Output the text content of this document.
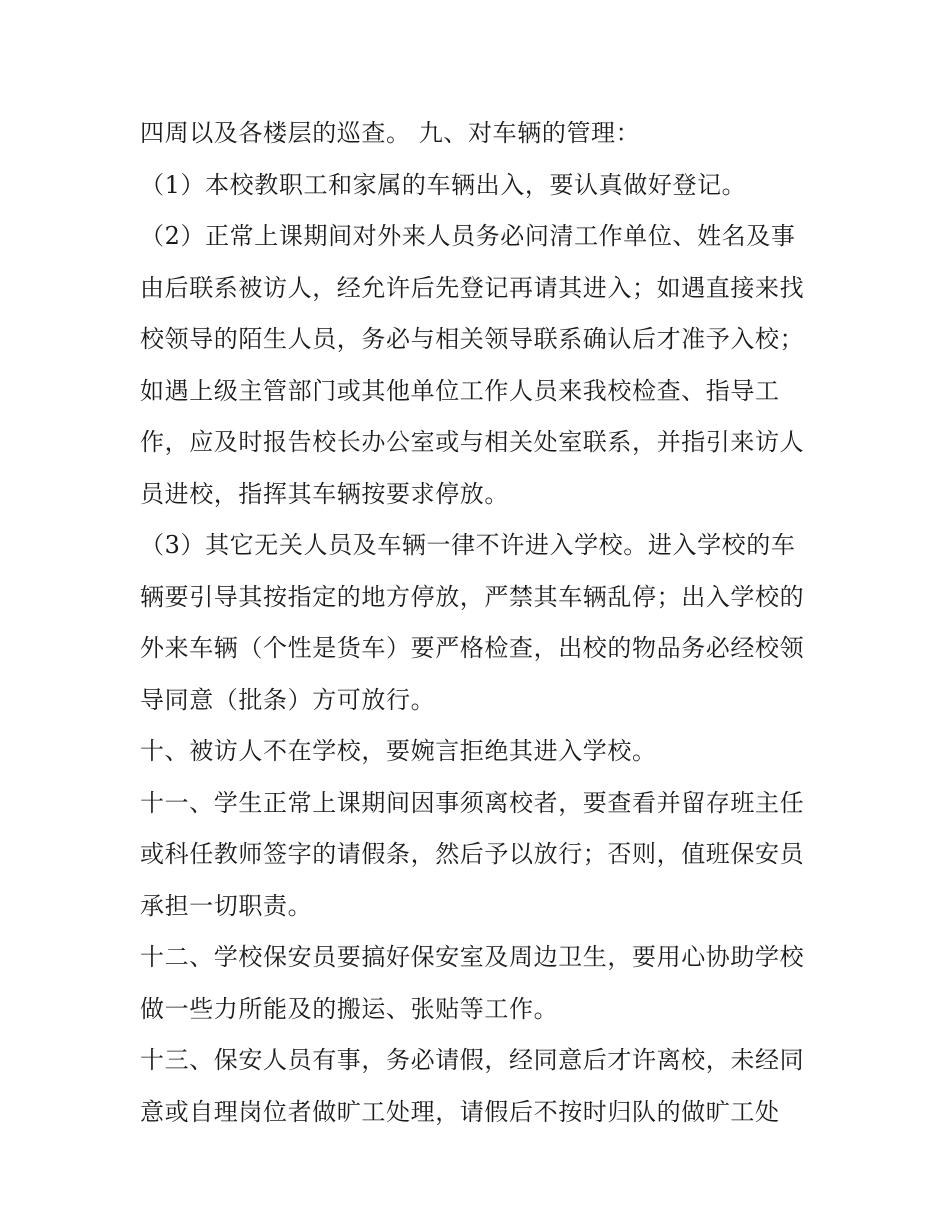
四周以及各楼层的巡查。 九、对车辆的管理：
（1）本校教职工和家属的车辆出入，要认真做好登记。
（2）正常上课期间对外来人员务必问清工作单位、姓名及事
由后联系被访人，经允许后先登记再请其进入；如遇直接来找
校领导的陌生人员，务必与相关领导联系确认后才准予入校；
如遇上级主管部门或其他单位工作人员来我校检查、指导工
作，应及时报告校长办公室或与相关处室联系，并指引来访人
员进校，指挥其车辆按要求停放。
（3）其它无关人员及车辆一律不许进入学校。进入学校的车
辆要引导其按指定的地方停放，严禁其车辆乱停；出入学校的
外来车辆（个性是货车）要严格检查，出校的物品务必经校领
导同意（批条）方可放行。
十、被访人不在学校，要婉言拒绝其进入学校。
十一、学生正常上课期间因事须离校者，要查看并留存班主任
或科任教师签字的请假条，然后予以放行；否则，值班保安员
承担一切职责。
十二、学校保安员要搞好保安室及周边卫生，要用心协助学校
做一些力所能及的搬运、张贴等工作。
十三、保安人员有事，务必请假，经同意后才许离校，未经同
意或自理岗位者做旷工处理，请假后不按时归队的做旷工处
